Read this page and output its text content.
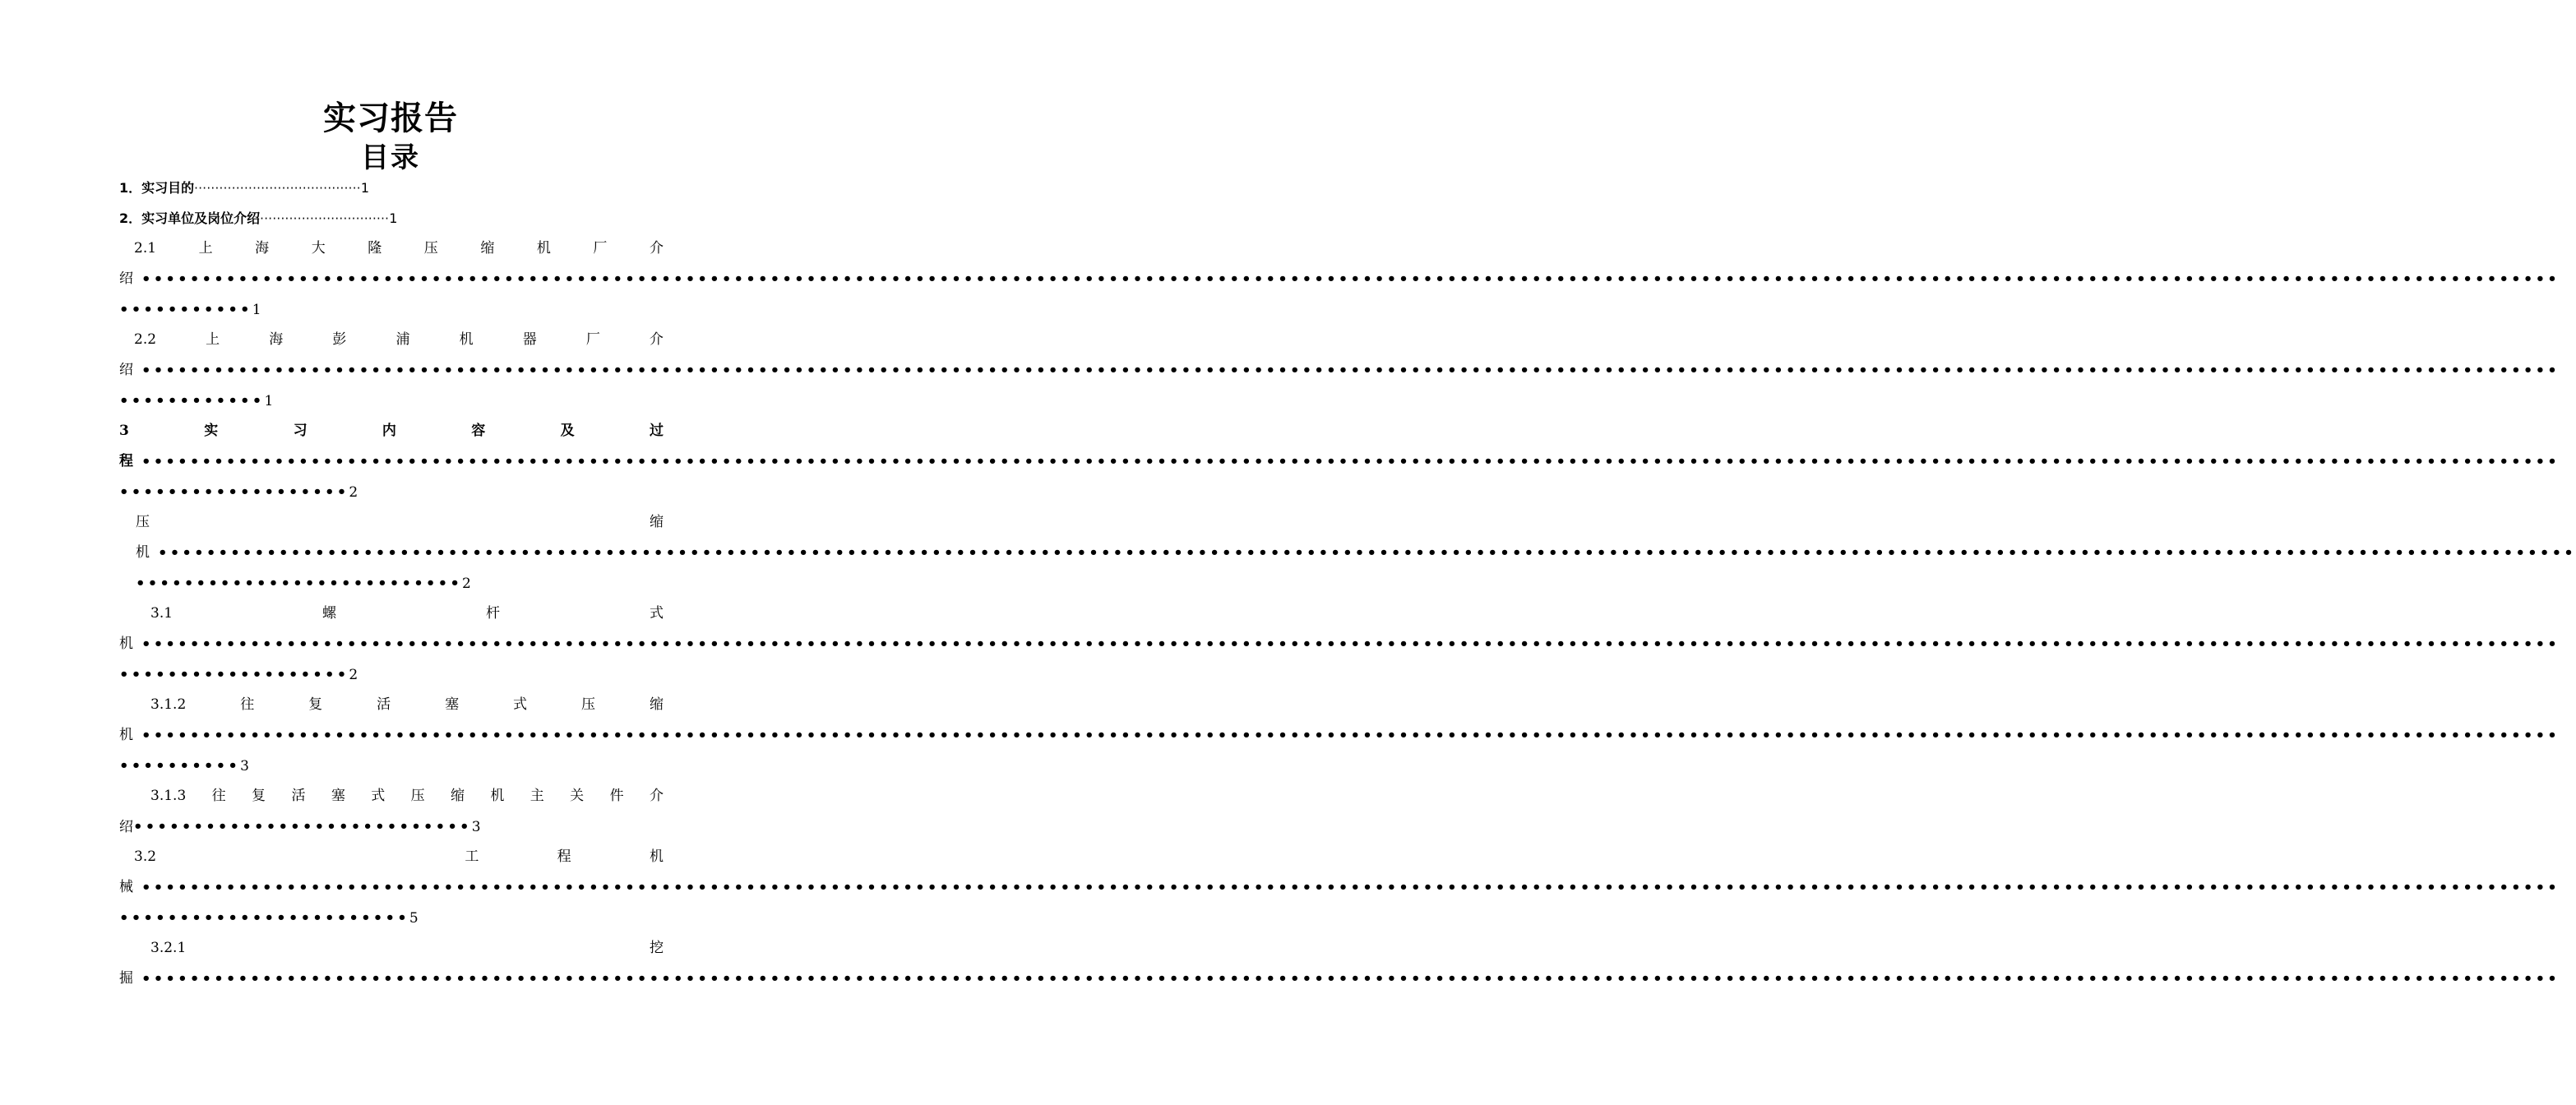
实习报告
目录
1．实习目的········································1
2．实习单位及岗位介绍·······························1
2.1	上	海	大	隆	压	缩	机	厂	介
绍 ••••••••••••••••••••••••••••••••••••••••••••••••••••••••••••••••••••••••••••••••••••••••••••••••••••••••••••••••••••••••••••••••••••••••••••••••••••••••••••••••••••••••••••••••••••••••••••••••••••••••
•••••••••••1
2.2	上	海	彭	浦	机	器	厂	介
绍 ••••••••••••••••••••••••••••••••••••••••••••••••••••••••••••••••••••••••••••••••••••••••••••••••••••••••••••••••••••••••••••••••••••••••••••••••••••••••••••••••••••••••••••••••••••••••••••••••••••••••
••••••••••••1
3	实	习	内	容	及	过
程 ••••••••••••••••••••••••••••••••••••••••••••••••••••••••••••••••••••••••••••••••••••••••••••••••••••••••••••••••••••••••••••••••••••••••••••••••••••••••••••••••••••••••••••••••••••••••••••••••••••••••
•••••••••••••••••••2
压	缩
机 ••••••••••••••••••••••••••••••••••••••••••••••••••••••••••••••••••••••••••••••••••••••••••••••••••••••••••••••••••••••••••••••••••••••••••••••••••••••••••••••••••••••••••••••••••••••••••••••••••••••••
•••••••••••••••••••••••••••2
3.1	螺	杆	式
机 ••••••••••••••••••••••••••••••••••••••••••••••••••••••••••••••••••••••••••••••••••••••••••••••••••••••••••••••••••••••••••••••••••••••••••••••••••••••••••••••••••••••••••••••••••••••••••••••••••••••••
•••••••••••••••••••2
3.1.2	往	复	活	塞	式	压	缩
机 ••••••••••••••••••••••••••••••••••••••••••••••••••••••••••••••••••••••••••••••••••••••••••••••••••••••••••••••••••••••••••••••••••••••••••••••••••••••••••••••••••••••••••••••••••••••••••••••••••••••••
••••••••••3
3.1.3 往 复 活 塞 式 压 缩 机 主 关 件 介
绍••••••••••••••••••••••••••••3
3.2	工	程	机
械 ••••••••••••••••••••••••••••••••••••••••••••••••••••••••••••••••••••••••••••••••••••••••••••••••••••••••••••••••••••••••••••••••••••••••••••••••••••••••••••••••••••••••••••••••••••••••••••••••••••••••
••••••••••••••••••••••••5
3.2.1	挖
掘 ••••••••••••••••••••••••••••••••••••••••••••••••••••••••••••••••••••••••••••••••••••••••••••••••••••••••••••••••••••••••••••••••••••••••••••••••••••••••••••••••••••••••••••••••••••••••••••••••••••••••
